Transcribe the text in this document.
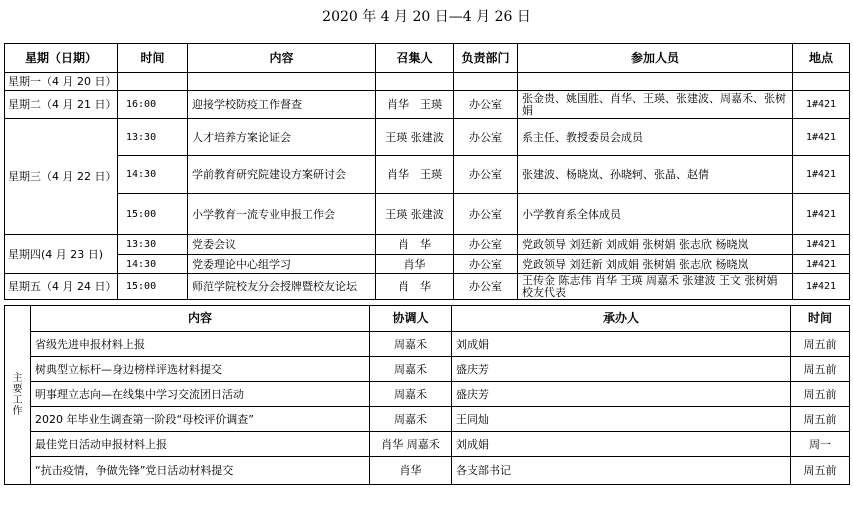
2020 年 4 月 20 日—4 月 26 日
星期（日期）	时间	内容	召集人	负责部门	参加人员	地点
星期一（4 月 20 日）						
星期二（4 月 21 日）	16:00	迎接学校防疫工作督查	肖华　王瑛	办公室	张金贵、姚国胜、肖华、王瑛、张建波、周嘉禾、张树娟	1#421
星期三（4 月 22 日）	13:30	人才培养方案论证会	王瑛 张建波	办公室	系主任、教授委员会成员	1#421
	14:30	学前教育研究院建设方案研讨会	肖华　王瑛	办公室	张建波、杨晓岚、孙晓轲、张晶、赵倩	1#421
	15:00	小学教育一流专业申报工作会	王瑛 张建波	办公室	小学教育系全体成员	1#421
星期四(4 月 23 日)	13:30	党委会议	肖　华	办公室	党政领导 刘廷新 刘成娟 张树娟 张志欣 杨晓岚	1#421
	14:30	党委理论中心组学习	肖华	办公室	党政领导 刘廷新 刘成娟 张树娟 张志欣 杨晓岚	1#421
星期五（4 月 24 日）	15:00	师范学院校友分会授牌暨校友论坛	肖　华	办公室	王传金 陈志伟 肖华 王瑛 周嘉禾 张建波 王文 张树娟 校友代表	1#421
主
要
工
作	内容	协调人	承办人	时间
	省级先进申报材料上报	周嘉禾	刘成娟	周五前
	树典型立标杆—身边榜样评选材料提交	周嘉禾	盛庆芳	周五前
	明事理立志向—在线集中学习交流团日活动	周嘉禾	盛庆芳	周五前
	2020 年毕业生调查第一阶段“母校评价调查”	周嘉禾	王同灿	周五前
	最佳党日活动申报材料上报	肖华 周嘉禾	刘成娟	周一
	“抗击疫情，争做先锋”党日活动材料提交	肖华	各支部书记	周五前
